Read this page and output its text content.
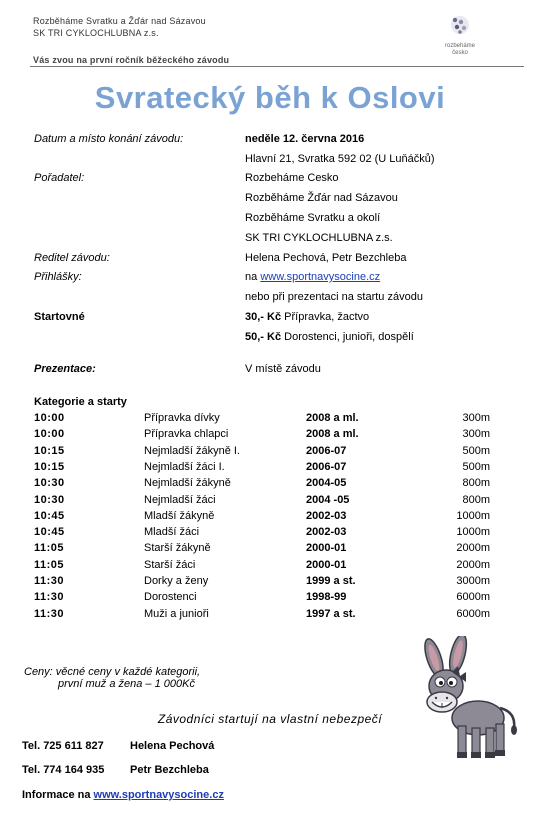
Rozběháme Svratku a Žďár nad Sázavou
SK TRI CYKLOCHLUBNA z.s.
Vás zvou na první ročník běžeckého závodu
rozbeháme
česko
Svratecký běh k Oslovi
Datum a místo konání závodu:	neděle 12. června 2016
Hlavní 21, Svratka 592 02 (U Luňáčků)
Pořadatel:	Rozbeháme Cesko
Rozběháme Žďár nad Sázavou
Rozběháme Svratku a okolí
SK TRI CYKLOCHLUBNA z.s.
Reditel závodu:	Helena Pechová, Petr Bezchleba
Přihlášky:	na www.sportnavysocine.cz
nebo při prezentaci na startu závodu
Startovné	30,- Kč Přípravka, žactvo
50,- Kč Dorostenci, junioři, dospělí
Prezentace:	V místě závodu
Kategorie a starty
10:00	Přípravka dívky	2008 a ml.	300m
10:00	Přípravka chlapci	2008 a ml.	300m
10:15	Nejmladší žákyně I.	2006-07	500m
10:15	Nejmladší žáci I.	2006-07	500m
10:30	Nejmladší žákyně	2004-05	800m
10:30	Nejmladší žáci	2004 -05	800m
10:45	Mladší žákyně	2002-03	1000m
10:45	Mladší žáci	2002-03	1000m
11:05	Starší žákyně	2000-01	2000m
11:05	Starší žáci	2000-01	2000m
11:30	Dorky a ženy	1999 a st.	3000m
11:30	Dorostenci	1998-99	6000m
11:30	Muži a junioři	1997 a st.	6000m
Ceny: věcné ceny v každé kategorii,
první muž a žena – 1 000Kč
Závodníci startují na vlastní nebezpečí
Tel. 725 611 827 Helena Pechová
Tel. 774 164 935 Petr Bezchleba
Informace na www.sportnavysocine.cz
